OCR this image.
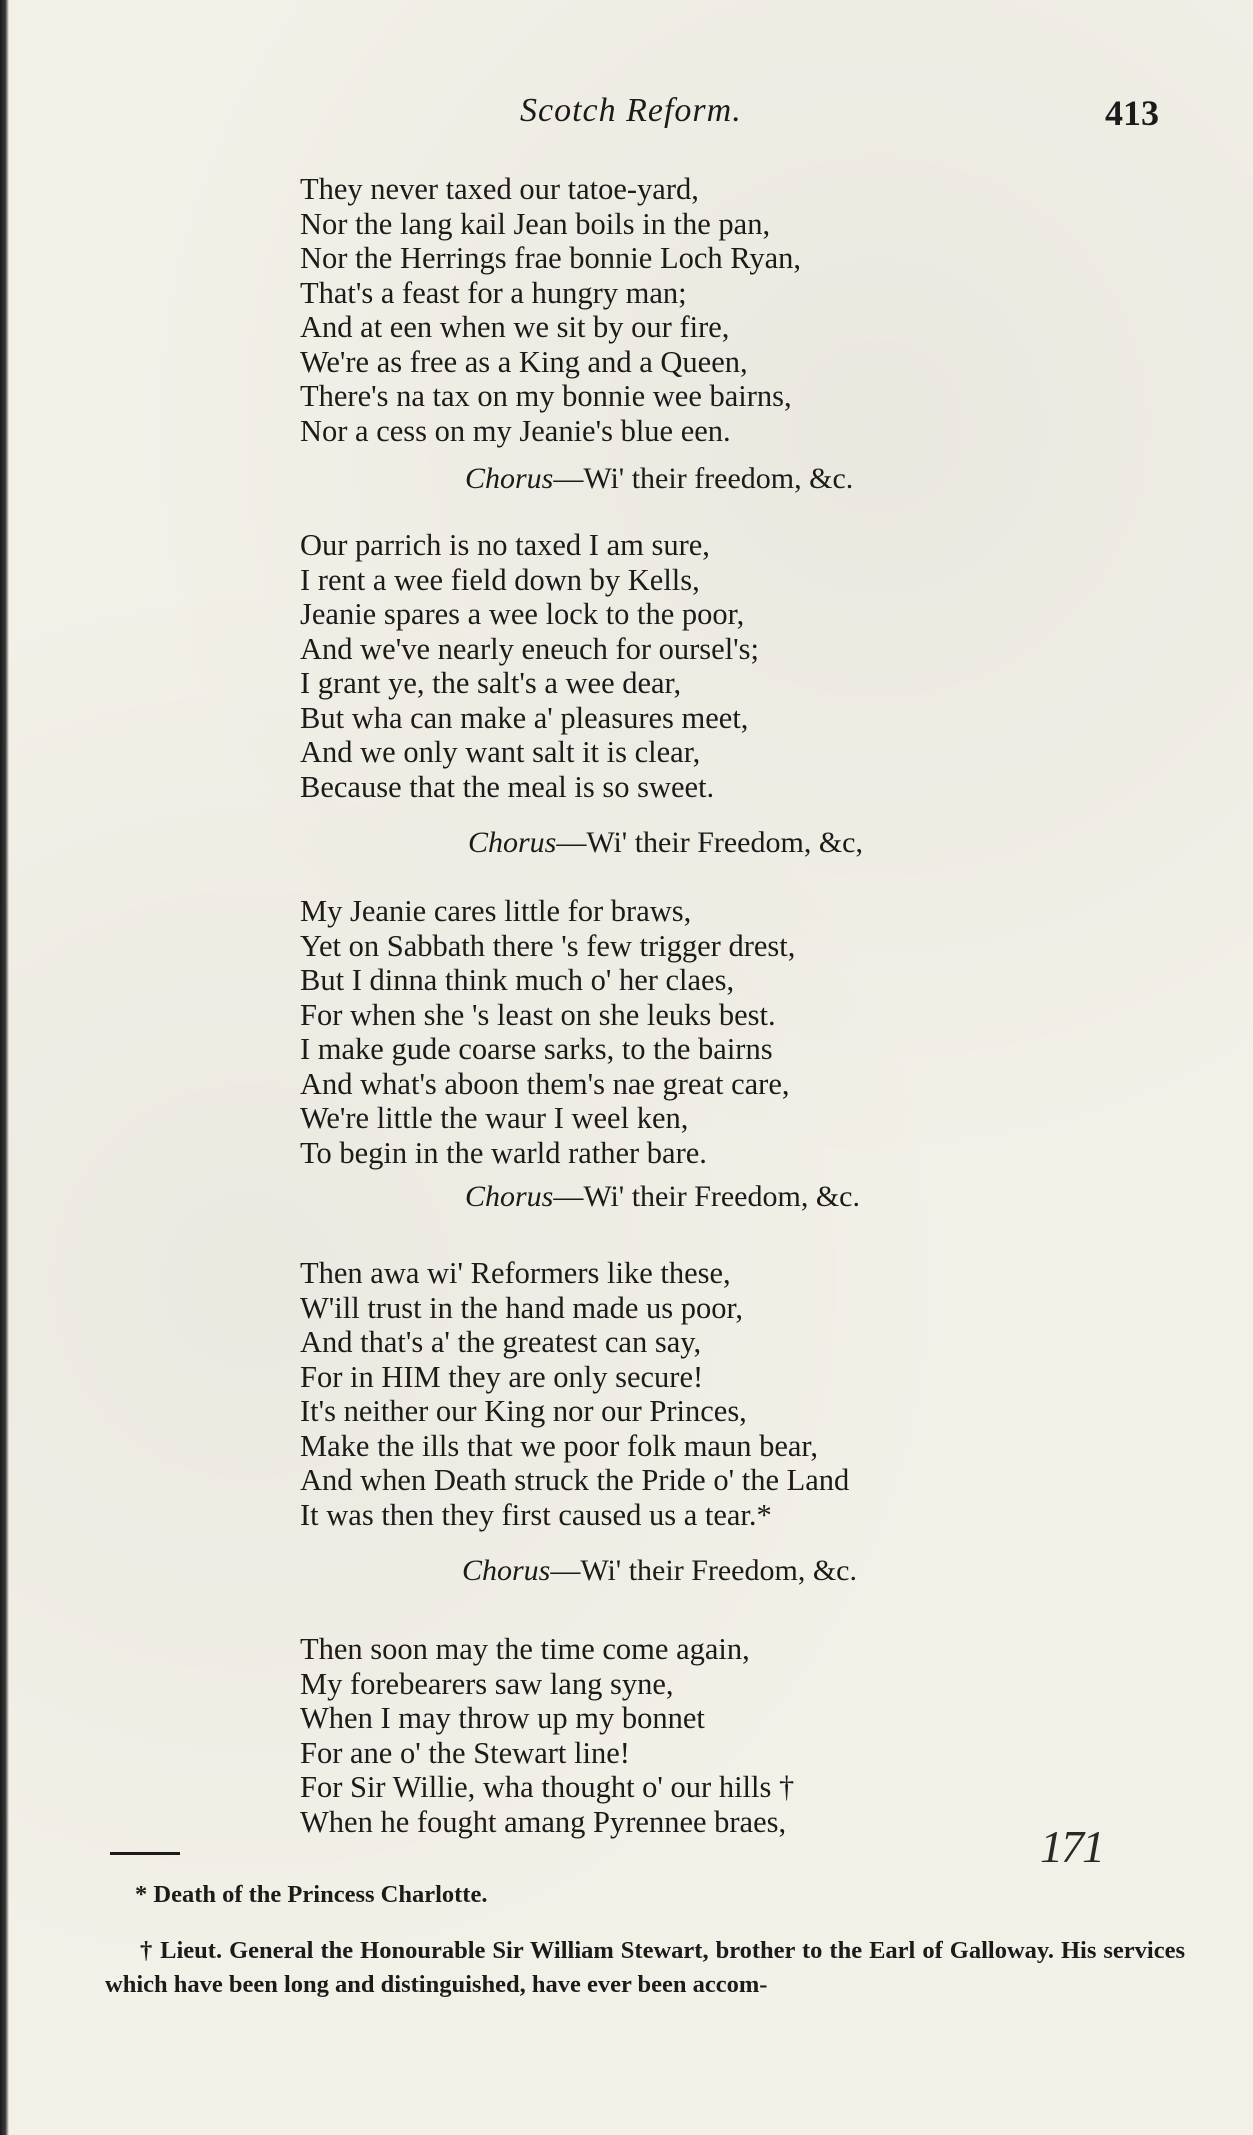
Scotch Reform.	413
They never taxed our tatoe-yard,
Nor the lang kail Jean boils in the pan,
Nor the Herrings frae bonnie Loch Ryan,
That's a feast for a hungry man;
And at een when we sit by our fire,
We're as free as a King and a Queen,
There's na tax on my bonnie wee bairns,
Nor a cess on my Jeanie's blue een.
Chorus—Wi' their freedom, &c.
Our parrich is no taxed I am sure,
I rent a wee field down by Kells,
Jeanie spares a wee lock to the poor,
And we've nearly eneuch for oursel's;
I grant ye, the salt's a wee dear,
But wha can make a' pleasures meet,
And we only want salt it is clear,
Because that the meal is so sweet.
Chorus—Wi' their Freedom, &c,
My Jeanie cares little for braws,
Yet on Sabbath there 's few trigger drest,
But I dinna think much o' her claes,
For when she 's least on she leuks best.
I make gude coarse sarks, to the bairns
And what's aboon them's nae great care,
We're little the waur I weel ken,
To begin in the warld rather bare.
Chorus—Wi' their Freedom, &c.
Then awa wi' Reformers like these,
W'ill trust in the hand made us poor,
And that's a' the greatest can say,
For in HIM they are only secure!
It's neither our King nor our Princes,
Make the ills that we poor folk maun bear,
And when Death struck the Pride o' the Land
It was then they first caused us a tear.*
Chorus—Wi' their Freedom, &c.
Then soon may the time come again,
My forebearers saw lang syne,
When I may throw up my bonnet
For ane o' the Stewart line!
For Sir Willie, wha thought o' our hills †
When he fought amang Pyrennee braes,	171
* Death of the Princess Charlotte.
† Lieut. General the Honourable Sir William Stewart, brother to the Earl of Galloway. His services which have been long and distinguished, have ever been accom-
